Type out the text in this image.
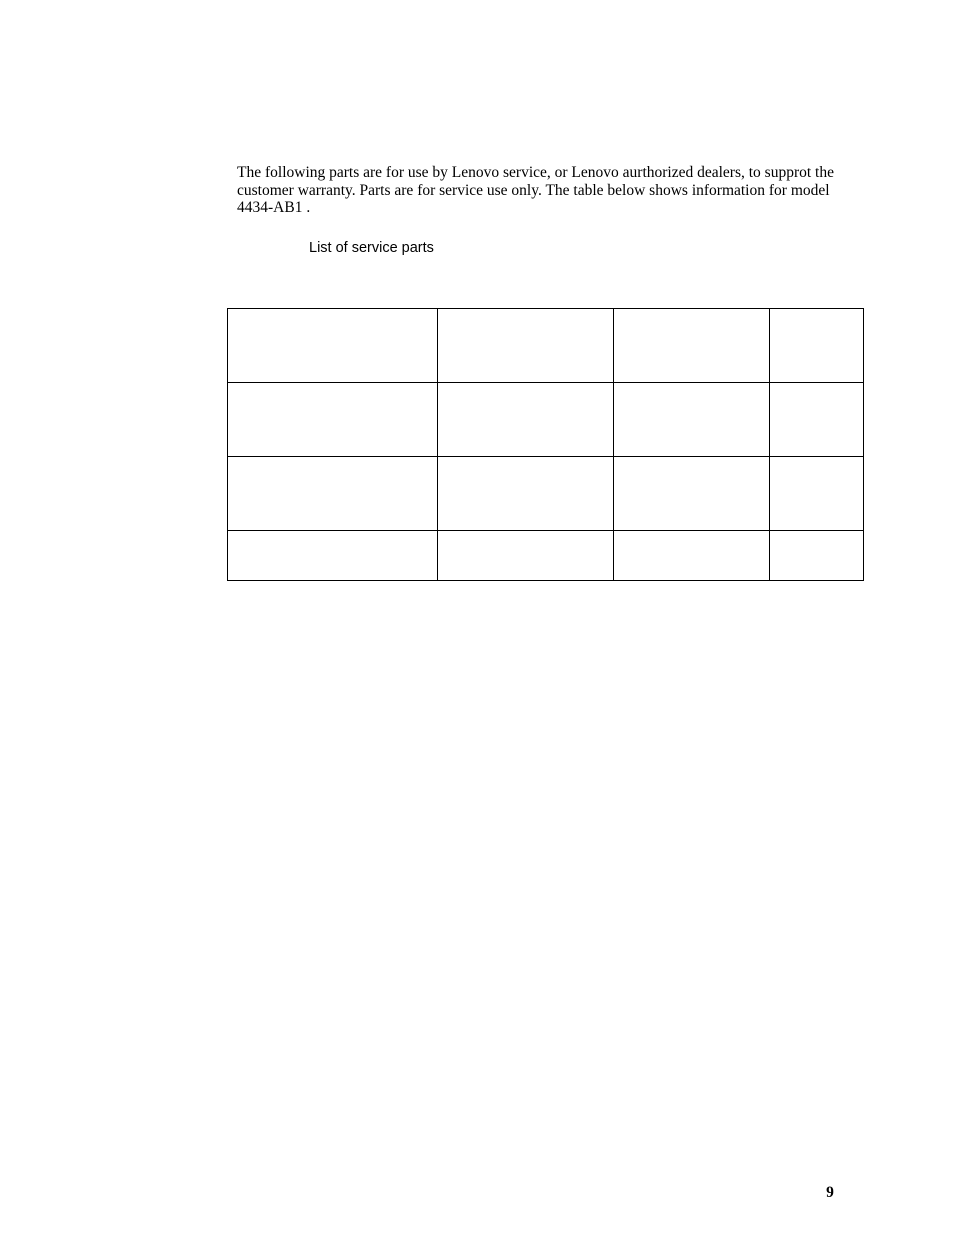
The following parts are for use by Lenovo service, or Lenovo aurthorized dealers, to supprot the customer warranty. Parts are for service use only. The table below shows information for model 4434-AB1 .

List of service parts

9
